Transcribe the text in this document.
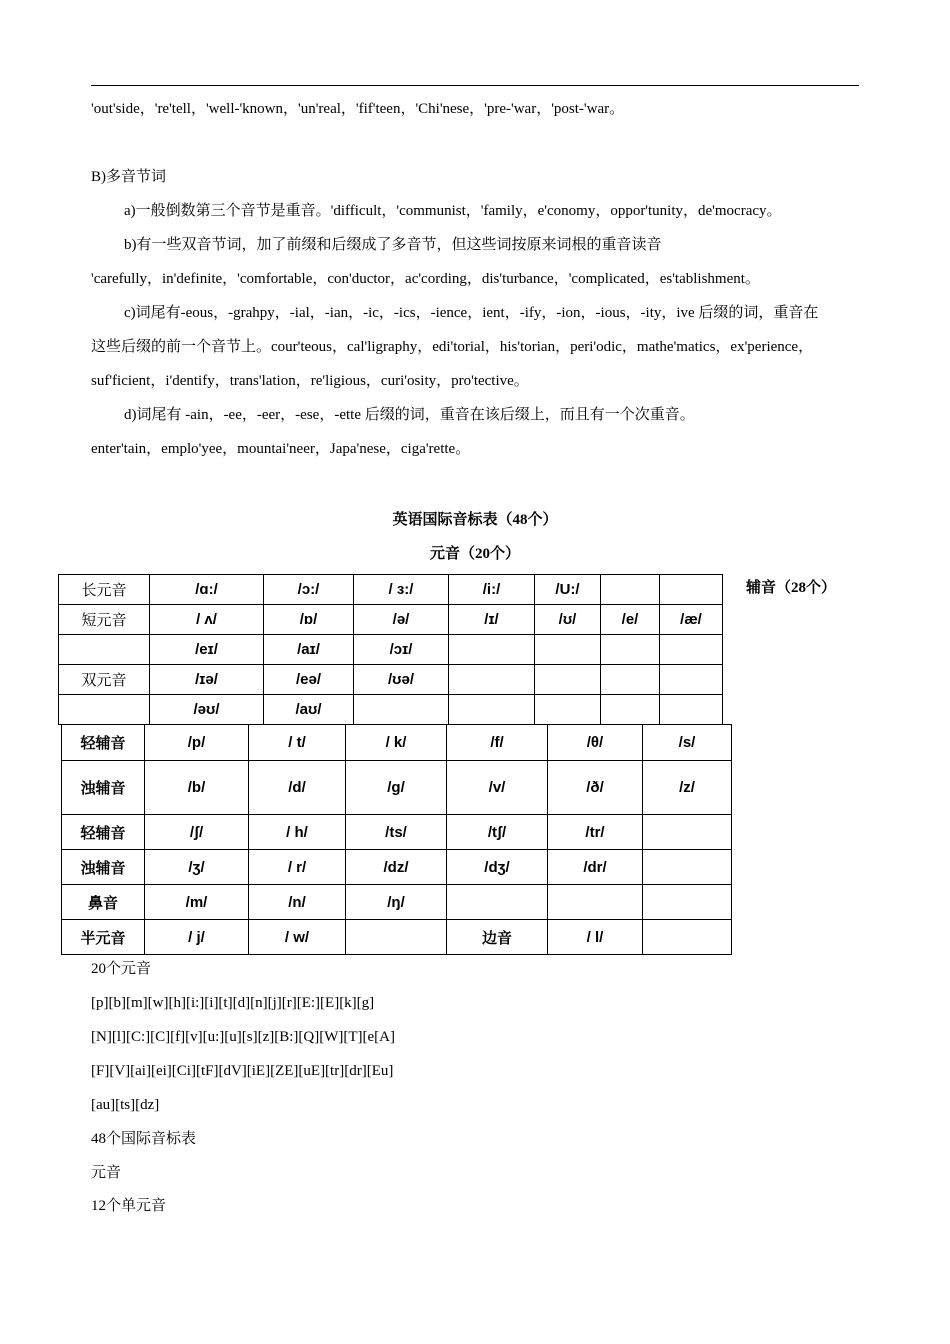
'out'side，'re'tell，'well-'known，'un'real，'fif'teen，'Chi'nese，'pre-'war，'post-'war。
B)多音节词
a)一般倒数第三个音节是重音。'difficult，'communist，'family，e'conomy，oppor'tunity，de'mocracy。
b)有一些双音节词，加了前缀和后缀成了多音节，但这些词按原来词根的重音读音
'carefully，in'definite，'comfortable，con'ductor，ac'cording，dis'turbance，'complicated，es'tablishment。
c)词尾有-eous，-grahpy，-ial，-ian，-ic，-ics，-ience，ient，-ify，-ion，-ious，-ity，ive 后缀的词，重音在
这些后缀的前一个音节上。cour'teous，cal'ligraphy，edi'torial，his'torian，peri'odic，mathe'matics，ex'perience，
suf'ficient，i'dentify，trans'lation，re'ligious，curi'osity，pro'tective。
d)词尾有 -ain，-ee，-eer，-ese，-ette 后缀的词，重音在该后缀上，而且有一个次重音。
enter'tain，emplo'yee，mountai'neer，Japa'nese，ciga'rette。
英语国际音标表（48个）
元音（20个）
辅音（28个）
长元音	/ɑ:/	/ɔ:/	/ ɜ:/	/i:/	/U:/		
短元音	/ ʌ/	/ɒ/	/ə/	/ɪ/	/ʊ/	/e/	/æ/
	/eɪ/	/aɪ/	/ɔɪ/				
双元音	/ɪə/	/eə/	/ʊə/				
	/əʊ/	/aʊ/					
轻辅音	/p/	/ t/	/ k/	/f/	/θ/	/s/
浊辅音	/b/	/d/	/g/	/v/	/ð/	/z/
轻辅音	/ʃ/	/ h/	/ts/	/tʃ/	/tr/	
浊辅音	/ʒ/	/ r/	/dz/	/dʒ/	/dr/	
鼻音	/m/	/n/	/ŋ/			
半元音	/ j/	/ w/		边音	/ l/	
20个元音
[p][b][m][w][h][i:][i][t][d][n][j][r][E:][E][k][g]
[N][l][C:][C][f][v][u:][u][s][z][B:][Q][W][T][e[A]
[F][V][ai][ei][Ci][tF][dV][iE][ZE][uE][tr][dr][Eu]
[au][ts][dz]
48个国际音标表
元音
12个单元音
